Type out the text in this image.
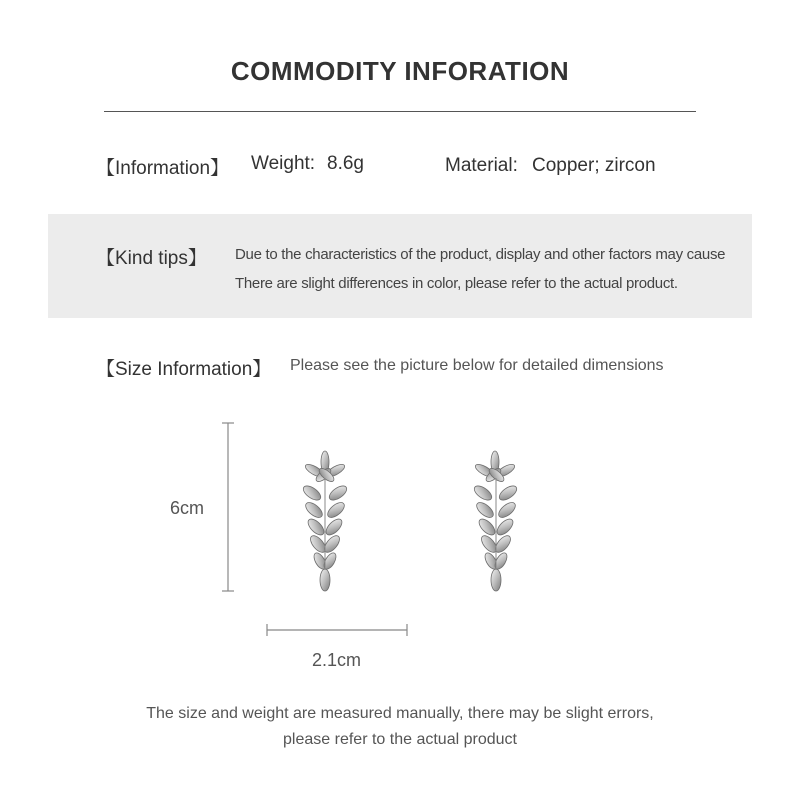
COMMODITY INFORATION
【Information】 Weight: 8.6g	Material: Copper; zircon
【Kind tips】 Due to the characteristics of the product, display and other factors may cause
There are slight differences in color, please refer to the actual product.
【Size Information】 Please see the picture below for detailed dimensions
6cm
2.1cm
The size and weight are measured manually, there may be slight errors,
please refer to the actual product
